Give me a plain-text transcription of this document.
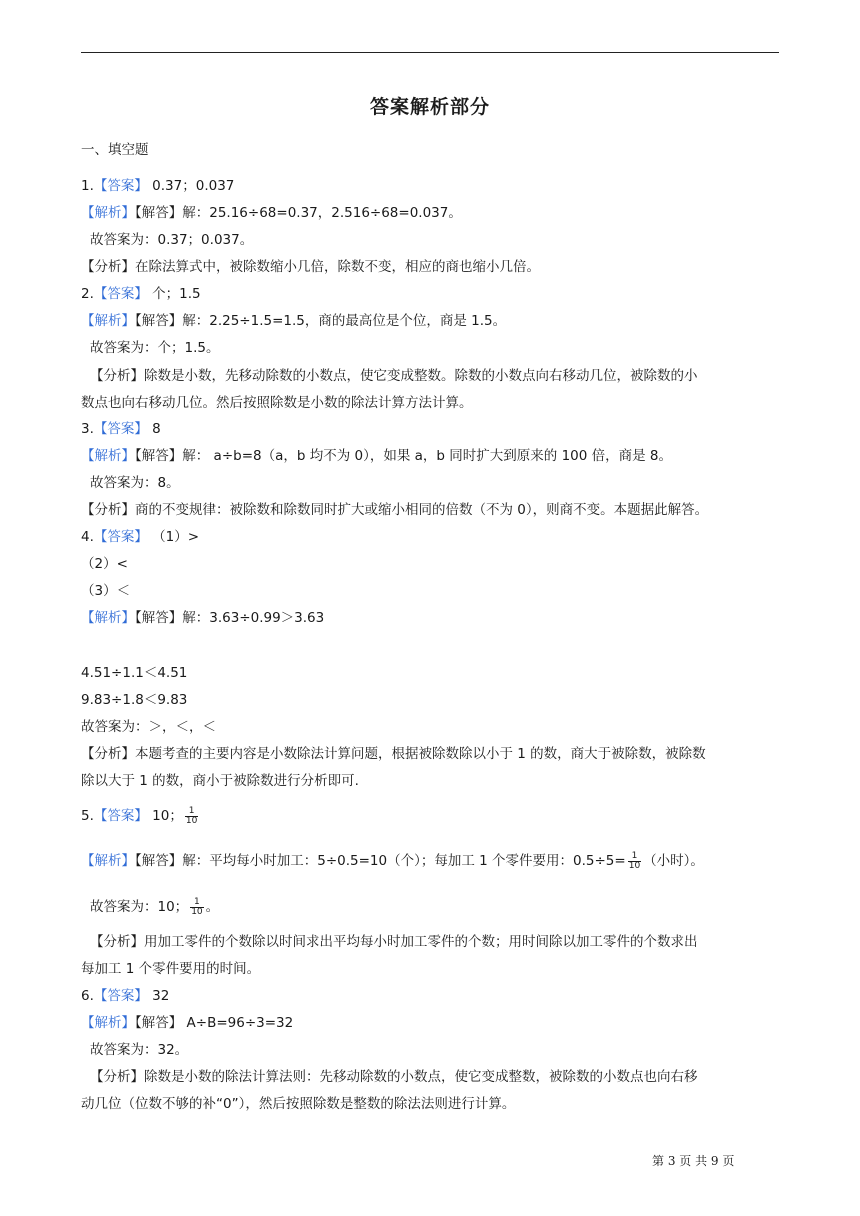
答案解析部分
一、填空题
1.【答案】 0.37；0.037
【解析】【解答】解：25.16÷68=0.37，2.516÷68=0.037。
故答案为：0.37；0.037。
【分析】在除法算式中，被除数缩小几倍，除数不变，相应的商也缩小几倍。
2.【答案】 个；1.5
【解析】【解答】解：2.25÷1.5=1.5，商的最高位是个位，商是 1.5。
故答案为：个；1.5。
【分析】除数是小数，先移动除数的小数点，使它变成整数。除数的小数点向右移动几位，被除数的小
数点也向右移动几位。然后按照除数是小数的除法计算方法计算。
3.【答案】 8
【解析】【解答】解： a÷b=8（a，b 均不为 0），如果 a，b 同时扩大到原来的 100 倍，商是 8。
故答案为：8。
【分析】商的不变规律：被除数和除数同时扩大或缩小相同的倍数（不为 0），则商不变。本题据此解答。
4.【答案】 （1）>
（2）<
（3）＜
【解析】【解答】解：3.63÷0.99＞3.63
4.51÷1.1＜4.51
9.83÷1.8＜9.83
故答案为：＞，＜，＜
【分析】本题考查的主要内容是小数除法计算问题，根据被除数除以小于 1 的数，商大于被除数，被除数
除以大于 1 的数，商小于被除数进行分析即可.
5.【答案】 10； $\frac{1}{10}$
【解析】【解答】解：平均每小时加工：5÷0.5=10（个）；每加工 1 个零件要用：$0.5\div 5= \frac{1}{10}$ （小时）。
故答案为：10； $\frac{1}{10}$ 。
【分析】用加工零件的个数除以时间求出平均每小时加工零件的个数；用时间除以加工零件的个数求出
每加工 1 个零件要用的时间。
6.【答案】 32
【解析】【解答】 A÷B=96÷3=32
故答案为：32。
【分析】除数是小数的除法计算法则：先移动除数的小数点，使它变成整数，被除数的小数点也向右移
动几位（位数不够的补“0”），然后按照除数是整数的除法法则进行计算。
第 3 页 共 9 页
